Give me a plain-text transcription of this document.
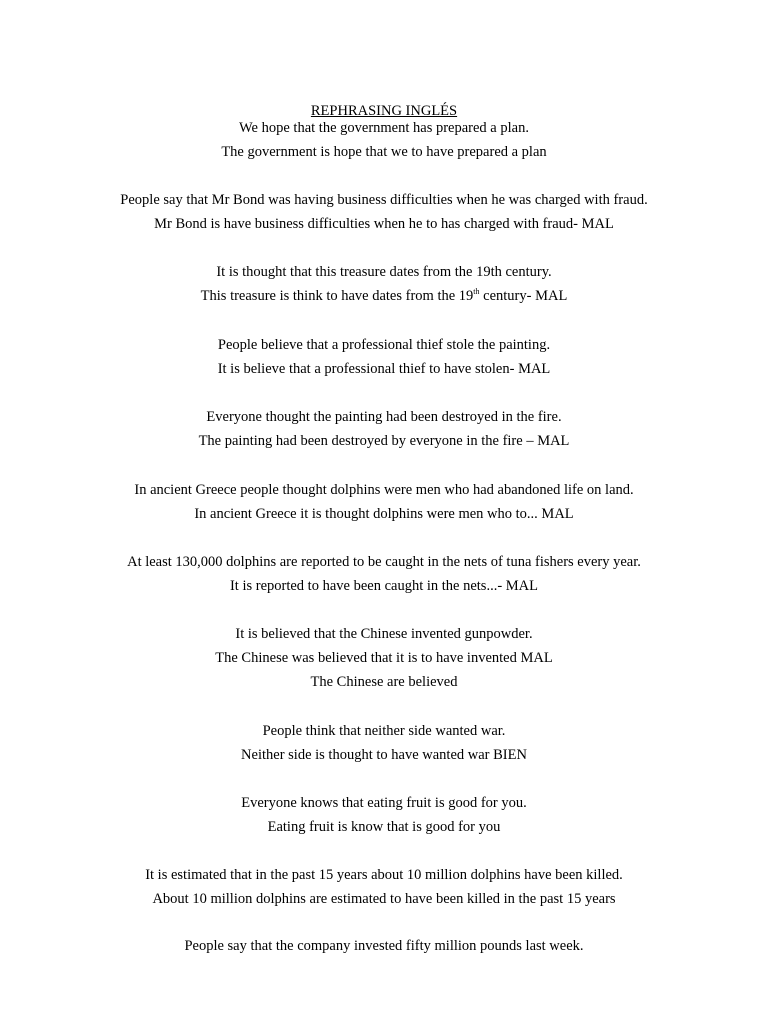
REPHRASING INGLÉS
We hope that the government has prepared a plan.
The government is hope that we to have prepared a plan
People say that Mr Bond was having business difficulties when he was charged with fraud.
Mr Bond is have business difficulties when he to has charged with fraud- MAL
It is thought that this treasure dates from the 19th century.
This treasure is think to have dates from the 19th century- MAL
People believe that a professional thief stole the painting.
It is believe that a professional thief to have stolen- MAL
Everyone thought the painting had been destroyed in the fire.
The painting had been destroyed by everyone in the fire – MAL
In ancient Greece people thought dolphins were men who had abandoned life on land.
In ancient Greece it is thought dolphins were men who to... MAL
At least 130,000 dolphins are reported to be caught in the nets of tuna fishers every year.
It is reported to have been caught in the nets...- MAL
It is believed that the Chinese invented gunpowder.
The Chinese was believed that it is to have invented MAL
The Chinese are believed
People think that neither side wanted war.
Neither side is thought to have wanted war BIEN
Everyone knows that eating fruit is good for you.
Eating fruit is know that is good for you
It is estimated that in the past 15 years about 10 million dolphins have been killed.
About 10 million dolphins are estimated to have been killed in the past 15 years
People say that the company invested fifty million pounds last week.
